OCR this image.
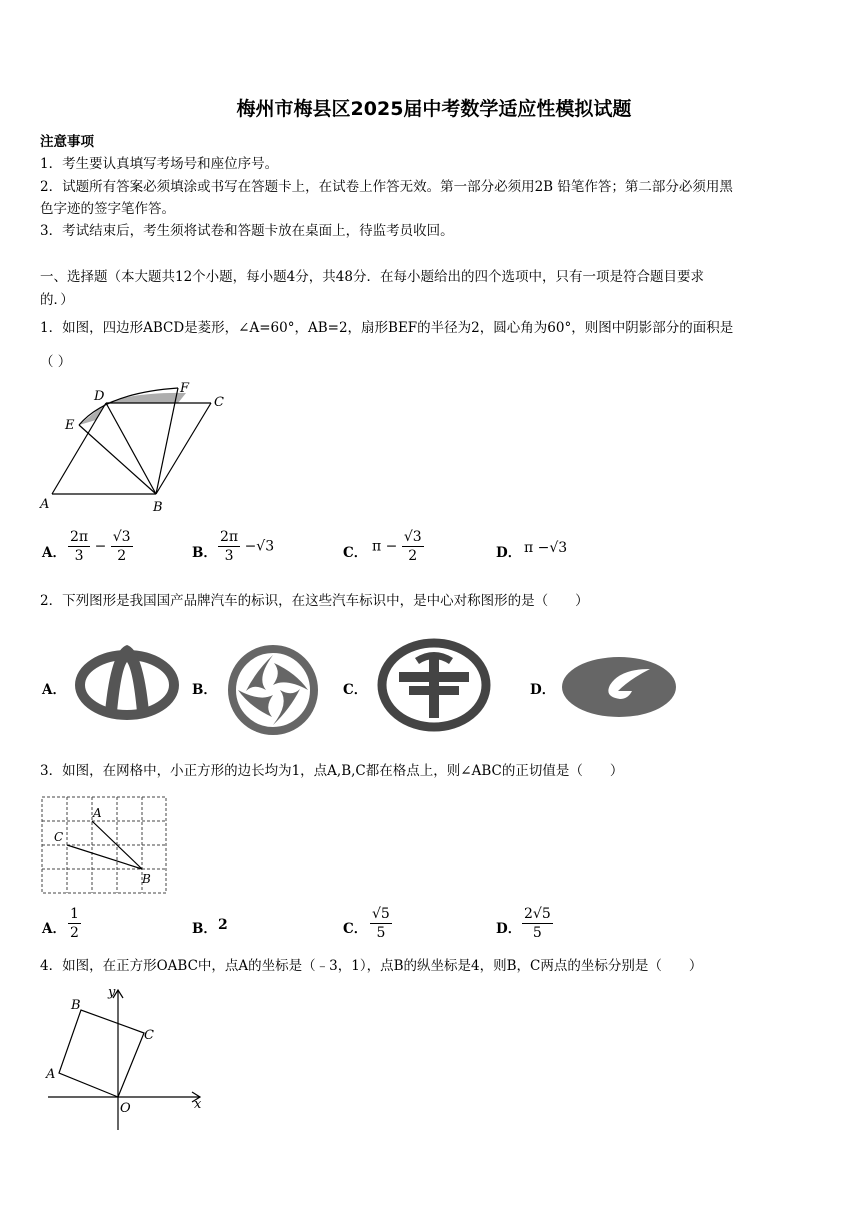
梅州市梅县区2025届中考数学适应性模拟试题
注意事项
1．考生要认真填写考场号和座位序号。
2．试题所有答案必须填涂或书写在答题卡上，在试卷上作答无效。第一部分必须用2B 铅笔作答；第二部分必须用黑
色字迹的签字笔作答。
3．考试结束后，考生须将试卷和答题卡放在桌面上，待监考员收回。
一、选择题（本大题共12个小题，每小题4分，共48分．在每小题给出的四个选项中，只有一项是符合题目要求
的．）
1．如图，四边形ABCD是菱形，∠A=60°，AB=2，扇形BEF的半径为2，圆心角为60°，则图中阴影部分的面积是
（ ）
D
F
C
E
A	B
A． $\frac{2\pi}{3} - \frac{√3}{2}$	B． $\frac{2\pi}{3} -√3$	C． $\pi - \frac{√3}{2}$	D． π −√3
2．下列图形是我国国产品牌汽车的标识，在这些汽车标识中，是中心对称图形的是（　　）
A．	B．	C．	D．
3．如图，在网格中，小正方形的边长均为1，点A,B,C都在格点上，则∠ABC的正切值是（　　）
A
C
B
A． $\frac{1}{2}$	B． 2	C． $\frac{√5}{5}$	D． $\frac{2√5}{5}$
4．如图，在正方形OABC中，点A的坐标是（﹣3，1），点B的纵坐标是4，则B，C两点的坐标分别是（　　）
y
B
C
A
O	x
